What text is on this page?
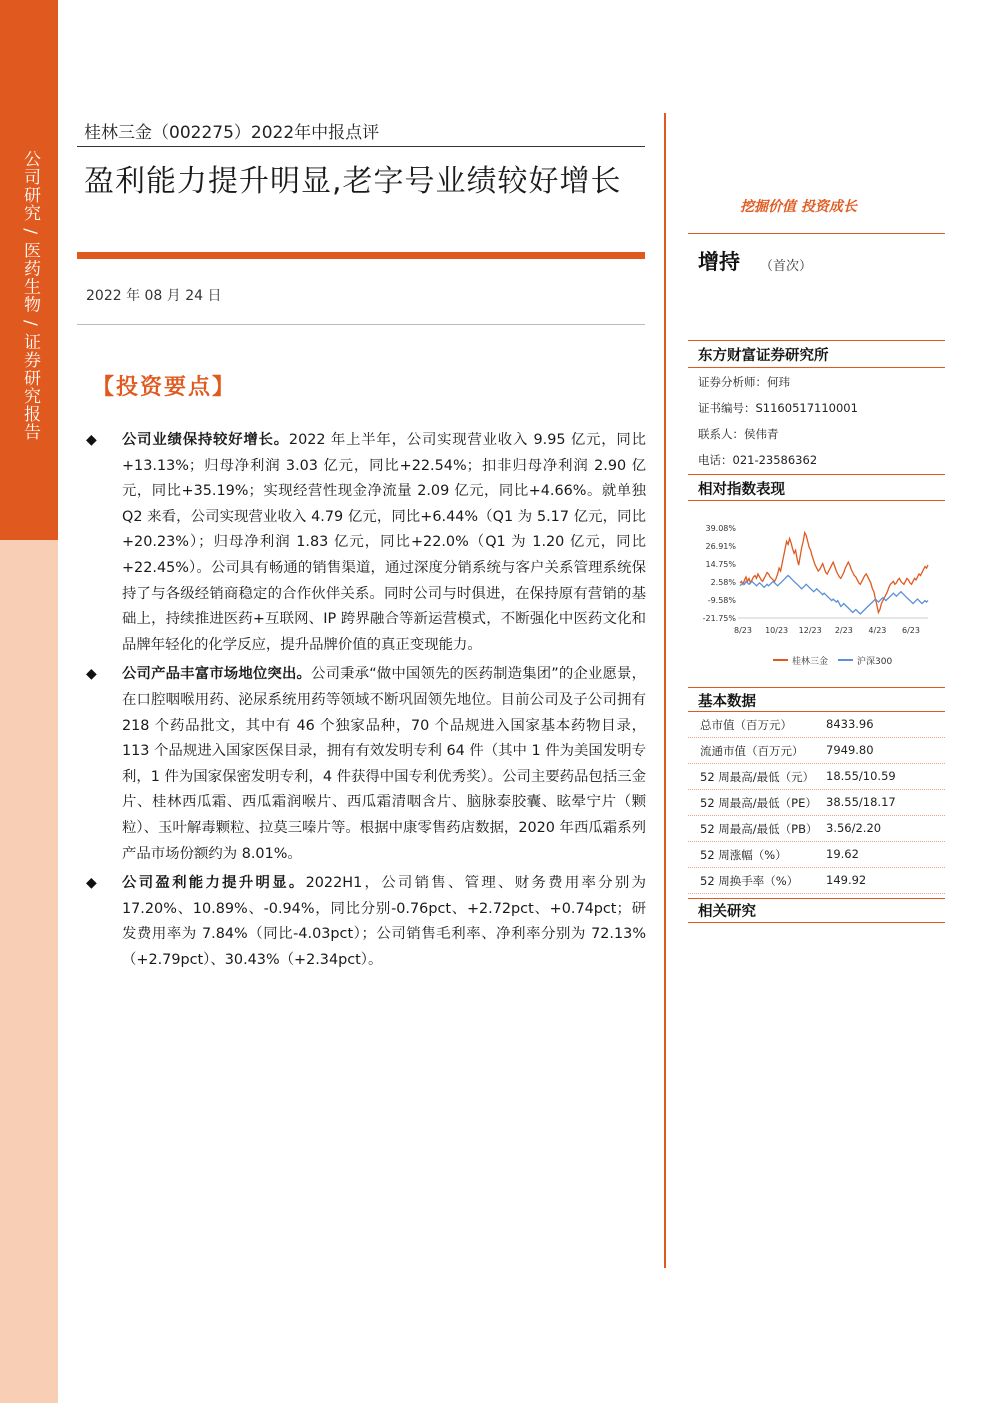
公司研究 / 医药生物 / 证券研究报告
桂林三金（002275）2022年中报点评
盈利能力提升明显,老字号业绩较好增长
2022 年 08 月 24 日
【投资要点】
◆ 公司业绩保持较好增长。2022 年上半年，公司实现营业收入 9.95 亿元，同比+13.13%；归母净利润 3.03 亿元，同比+22.54%；扣非归母净利润 2.90 亿元，同比+35.19%；实现经营性现金净流量 2.09 亿元，同比+4.66%。就单独 Q2 来看，公司实现营业收入 4.79 亿元，同比+6.44%（Q1 为 5.17 亿元，同比+20.23%）；归母净利润 1.83 亿元，同比+22.0%（Q1 为 1.20 亿元，同比+22.45%）。公司具有畅通的销售渠道，通过深度分销系统与客户关系管理系统保持了与各级经销商稳定的合作伙伴关系。同时公司与时俱进，在保持原有营销的基础上，持续推进医药+互联网、IP 跨界融合等新运营模式，不断强化中医药文化和品牌年轻化的化学反应，提升品牌价值的真正变现能力。
◆ 公司产品丰富市场地位突出。公司秉承“做中国领先的医药制造集团”的企业愿景，在口腔咽喉用药、泌尿系统用药等领域不断巩固领先地位。目前公司及子公司拥有 218 个药品批文，其中有 46 个独家品种，70 个品规进入国家基本药物目录，113 个品规进入国家医保目录，拥有有效发明专利 64 件（其中 1 件为美国发明专利，1 件为国家保密发明专利，4 件获得中国专利优秀奖）。公司主要药品包括三金片、桂林西瓜霜、西瓜霜润喉片、西瓜霜清咽含片、脑脉泰胶囊、眩晕宁片（颗粒）、玉叶解毒颗粒、拉莫三嗪片等。根据中康零售药店数据，2020 年西瓜霜系列产品市场份额约为 8.01%。
◆ 公司盈利能力提升明显。2022H1，公司销售、管理、财务费用率分别为 17.20%、10.89%、-0.94%，同比分别-0.76pct、+2.72pct、+0.74pct；研发费用率为 7.84%（同比-4.03pct）；公司销售毛利率、净利率分别为 72.13%（+2.79pct）、30.43%（+2.34pct）。
挖掘价值 投资成长
增持 （首次）
东方财富证券研究所
证券分析师：何玮
证书编号：S1160517110001
联系人：侯伟青
电话：021-23586362
相对指数表现
39.08%
26.91%
14.75%
2.58%
-9.58%
-21.75%
8/23 10/23 12/23 2/23 4/23 6/23
桂林三金	沪深300
基本数据
总市值（百万元）	8433.96
流通市值（百万元） 7949.80
52 周最高/最低（元） 18.55/10.59
52 周最高/最低（PE） 38.55/18.17
52 周最高/最低（PB） 3.56/2.20
52 周涨幅（%）	19.62
52 周换手率（%） 149.92
相关研究
